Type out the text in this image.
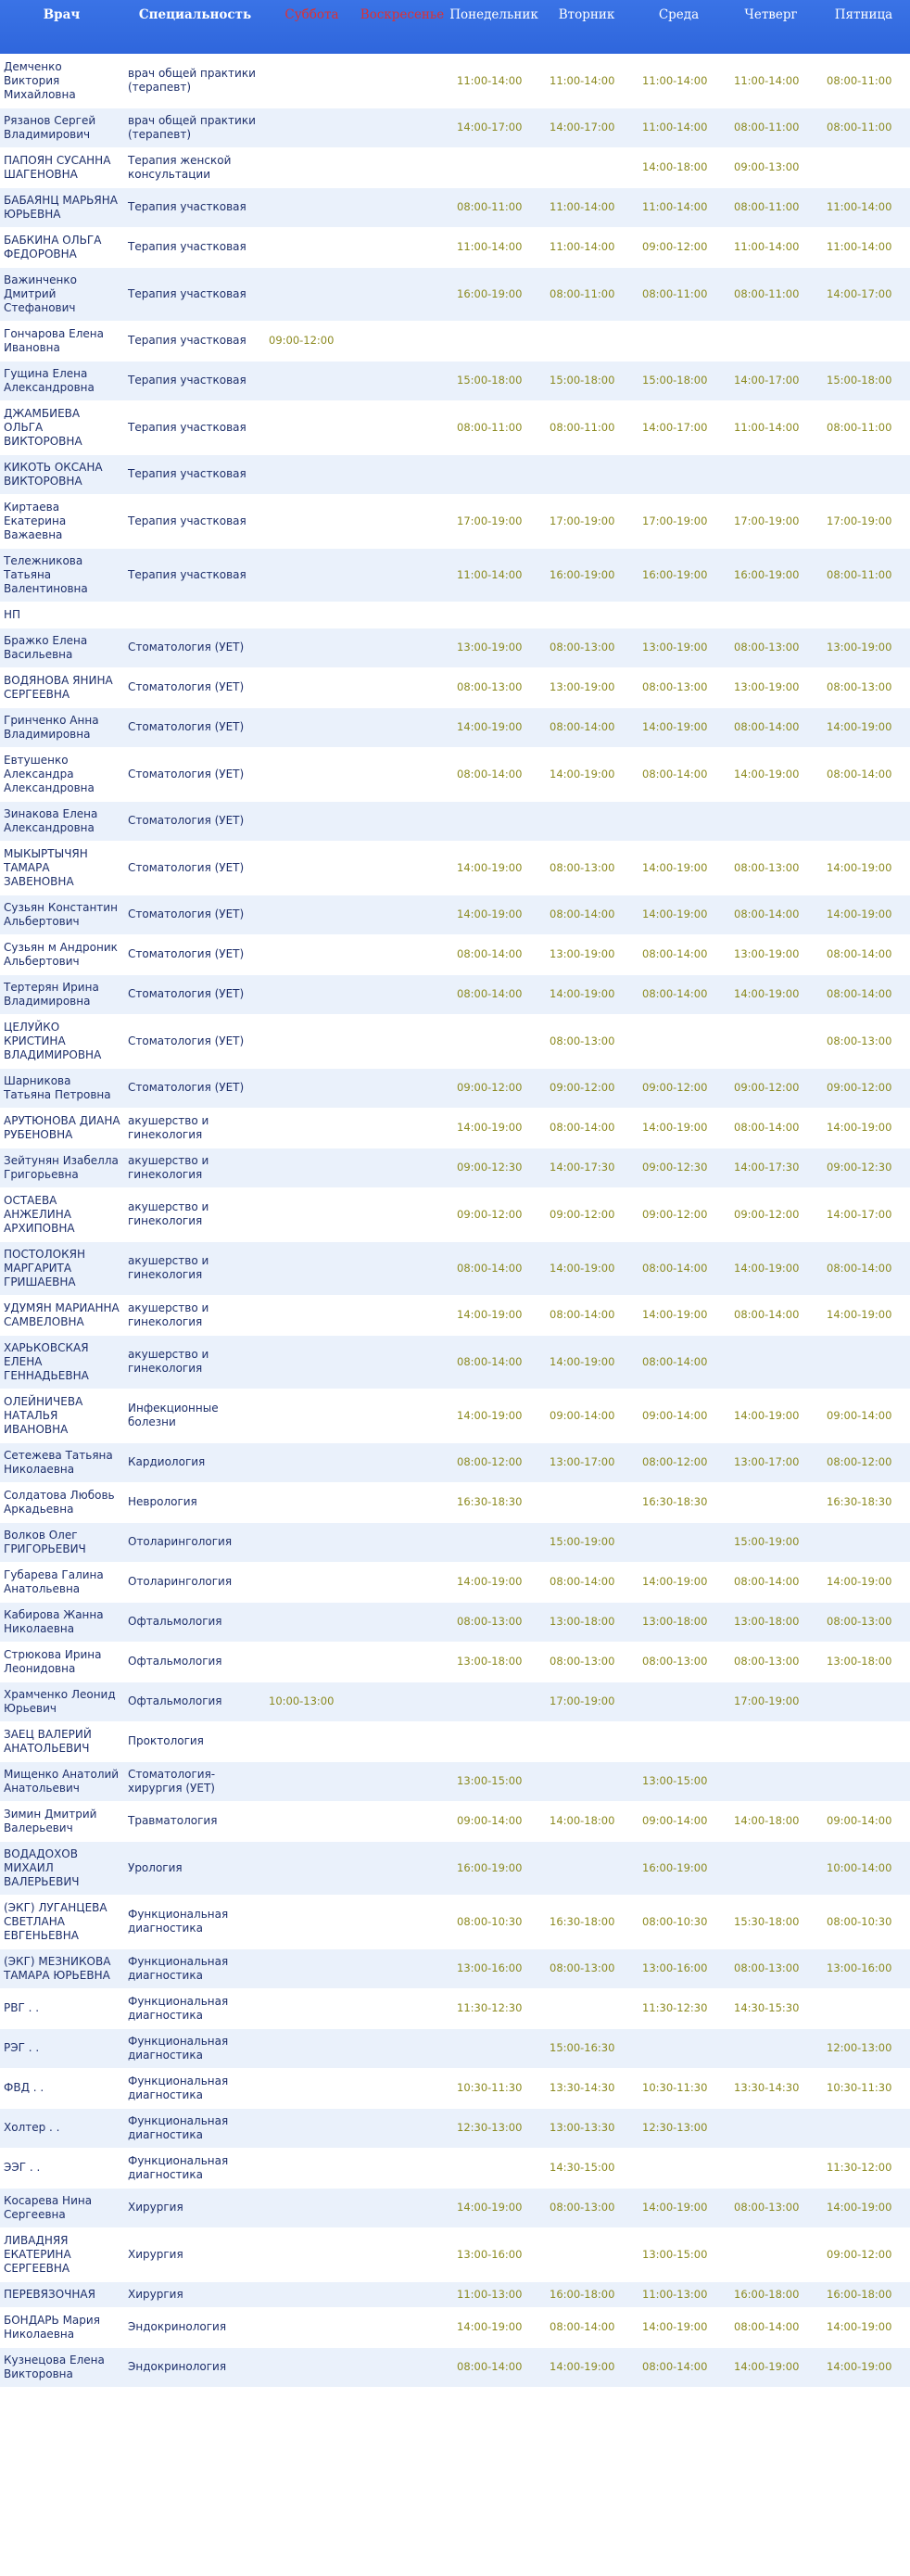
Врач	Специальность	Суббота	Воскресенье	Понедельник	Вторник	Среда	Четверг	Пятница
Демченко Виктория Михайловна	врач общей практики (терапевт)			11:00-14:00	11:00-14:00	11:00-14:00	11:00-14:00	08:00-11:00
Рязанов Сергей Владимирович	врач общей практики (терапевт)			14:00-17:00	14:00-17:00	11:00-14:00	08:00-11:00	08:00-11:00
ПАПОЯН СУСАННА ШАГЕНОВНА	Терапия женской консультации					14:00-18:00	09:00-13:00	
БАБАЯНЦ МАРЬЯНА ЮРЬЕВНА	Терапия участковая			08:00-11:00	11:00-14:00	11:00-14:00	08:00-11:00	11:00-14:00
БАБКИНА ОЛЬГА ФЕДОРОВНА	Терапия участковая			11:00-14:00	11:00-14:00	09:00-12:00	11:00-14:00	11:00-14:00
Важинченко Дмитрий Стефанович	Терапия участковая			16:00-19:00	08:00-11:00	08:00-11:00	08:00-11:00	14:00-17:00
Гончарова Елена Ивановна	Терапия участковая	09:00-12:00						
Гущина Елена Александровна	Терапия участковая			15:00-18:00	15:00-18:00	15:00-18:00	14:00-17:00	15:00-18:00
ДЖАМБИЕВА ОЛЬГА ВИКТОРОВНА	Терапия участковая			08:00-11:00	08:00-11:00	14:00-17:00	11:00-14:00	08:00-11:00
КИКОТЬ ОКСАНА ВИКТОРОВНА	Терапия участковая							
Киртаева Екатерина Важаевна	Терапия участковая			17:00-19:00	17:00-19:00	17:00-19:00	17:00-19:00	17:00-19:00
Тележникова Татьяна Валентиновна	Терапия участковая			11:00-14:00	16:00-19:00	16:00-19:00	16:00-19:00	08:00-11:00
НП								
Бражко Елена Васильевна	Стоматология (УЕТ)			13:00-19:00	08:00-13:00	13:00-19:00	08:00-13:00	13:00-19:00
ВОДЯНОВА ЯНИНА СЕРГЕЕВНА	Стоматология (УЕТ)			08:00-13:00	13:00-19:00	08:00-13:00	13:00-19:00	08:00-13:00
Гринченко Анна Владимировна	Стоматология (УЕТ)			14:00-19:00	08:00-14:00	14:00-19:00	08:00-14:00	14:00-19:00
Евтушенко Александра Александровна	Стоматология (УЕТ)			08:00-14:00	14:00-19:00	08:00-14:00	14:00-19:00	08:00-14:00
Зинакова Елена Александровна	Стоматология (УЕТ)							
МЫКЫРТЫЧЯН ТАМАРА ЗАВЕНОВНА	Стоматология (УЕТ)			14:00-19:00	08:00-13:00	14:00-19:00	08:00-13:00	14:00-19:00
Сузьян Константин Альбертович	Стоматология (УЕТ)			14:00-19:00	08:00-14:00	14:00-19:00	08:00-14:00	14:00-19:00
Сузьян м Андроник Альбертович	Стоматология (УЕТ)			08:00-14:00	13:00-19:00	08:00-14:00	13:00-19:00	08:00-14:00
Тертерян Ирина Владимировна	Стоматология (УЕТ)			08:00-14:00	14:00-19:00	08:00-14:00	14:00-19:00	08:00-14:00
ЦЕЛУЙКО КРИСТИНА ВЛАДИМИРОВНА	Стоматология (УЕТ)				08:00-13:00			08:00-13:00
Шарникова Татьяна Петровна	Стоматология (УЕТ)			09:00-12:00	09:00-12:00	09:00-12:00	09:00-12:00	09:00-12:00
АРУТЮНОВА ДИАНА РУБЕНОВНА	акушерство и гинекология			14:00-19:00	08:00-14:00	14:00-19:00	08:00-14:00	14:00-19:00
Зейтунян Изабелла Григорьевна	акушерство и гинекология			09:00-12:30	14:00-17:30	09:00-12:30	14:00-17:30	09:00-12:30
ОСТАЕВА АНЖЕЛИНА АРХИПОВНА	акушерство и гинекология			09:00-12:00	09:00-12:00	09:00-12:00	09:00-12:00	14:00-17:00
ПОСТОЛОКЯН МАРГАРИТА ГРИШАЕВНА	акушерство и гинекология			08:00-14:00	14:00-19:00	08:00-14:00	14:00-19:00	08:00-14:00
УДУМЯН МАРИАННА САМВЕЛОВНА	акушерство и гинекология			14:00-19:00	08:00-14:00	14:00-19:00	08:00-14:00	14:00-19:00
ХАРЬКОВСКАЯ ЕЛЕНА ГЕННАДЬЕВНА	акушерство и гинекология			08:00-14:00	14:00-19:00	08:00-14:00		
ОЛЕЙНИЧЕВА НАТАЛЬЯ ИВАНОВНА	Инфекционные болезни			14:00-19:00	09:00-14:00	09:00-14:00	14:00-19:00	09:00-14:00
Сетежева Татьяна Николаевна	Кардиология			08:00-12:00	13:00-17:00	08:00-12:00	13:00-17:00	08:00-12:00
Солдатова Любовь Аркадьевна	Неврология			16:30-18:30		16:30-18:30		16:30-18:30
Волков Олег ГРИГОРЬЕВИЧ	Отоларингология				15:00-19:00		15:00-19:00	
Губарева Галина Анатольевна	Отоларингология			14:00-19:00	08:00-14:00	14:00-19:00	08:00-14:00	14:00-19:00
Кабирова Жанна Николаевна	Офтальмология			08:00-13:00	13:00-18:00	13:00-18:00	13:00-18:00	08:00-13:00
Стрюкова Ирина Леонидовна	Офтальмология			13:00-18:00	08:00-13:00	08:00-13:00	08:00-13:00	13:00-18:00
Храмченко Леонид Юрьевич	Офтальмология	10:00-13:00			17:00-19:00		17:00-19:00	
ЗАЕЦ ВАЛЕРИЙ АНАТОЛЬЕВИЧ	Проктология							
Мищенко Анатолий Анатольевич	Стоматология-хирургия (УЕТ)			13:00-15:00		13:00-15:00		
Зимин Дмитрий Валерьевич	Травматология			09:00-14:00	14:00-18:00	09:00-14:00	14:00-18:00	09:00-14:00
ВОДАДОХОВ МИХАИЛ ВАЛЕРЬЕВИЧ	Урология			16:00-19:00		16:00-19:00		10:00-14:00
(ЭКГ) ЛУГАНЦЕВА СВЕТЛАНА ЕВГЕНЬЕВНА	Функциональная диагностика			08:00-10:30	16:30-18:00	08:00-10:30	15:30-18:00	08:00-10:30
(ЭКГ) МЕЗНИКОВА ТАМАРА ЮРЬЕВНА	Функциональная диагностика			13:00-16:00	08:00-13:00	13:00-16:00	08:00-13:00	13:00-16:00
РВГ . .	Функциональная диагностика			11:30-12:30		11:30-12:30	14:30-15:30	
РЭГ . .	Функциональная диагностика				15:00-16:30			12:00-13:00
ФВД . .	Функциональная диагностика			10:30-11:30	13:30-14:30	10:30-11:30	13:30-14:30	10:30-11:30
Холтер . .	Функциональная диагностика			12:30-13:00	13:00-13:30	12:30-13:00		
ЭЭГ . .	Функциональная диагностика				14:30-15:00			11:30-12:00
Косарева Нина Сергеевна	Хирургия			14:00-19:00	08:00-13:00	14:00-19:00	08:00-13:00	14:00-19:00
ЛИВАДНЯЯ ЕКАТЕРИНА СЕРГЕЕВНА	Хирургия			13:00-16:00		13:00-15:00		09:00-12:00
ПЕРЕВЯЗОЧНАЯ	Хирургия			11:00-13:00	16:00-18:00	11:00-13:00	16:00-18:00	16:00-18:00
БОНДАРЬ Мария Николаевна	Эндокринология			14:00-19:00	08:00-14:00	14:00-19:00	08:00-14:00	14:00-19:00
Кузнецова Елена Викторовна	Эндокринология			08:00-14:00	14:00-19:00	08:00-14:00	14:00-19:00	14:00-19:00
